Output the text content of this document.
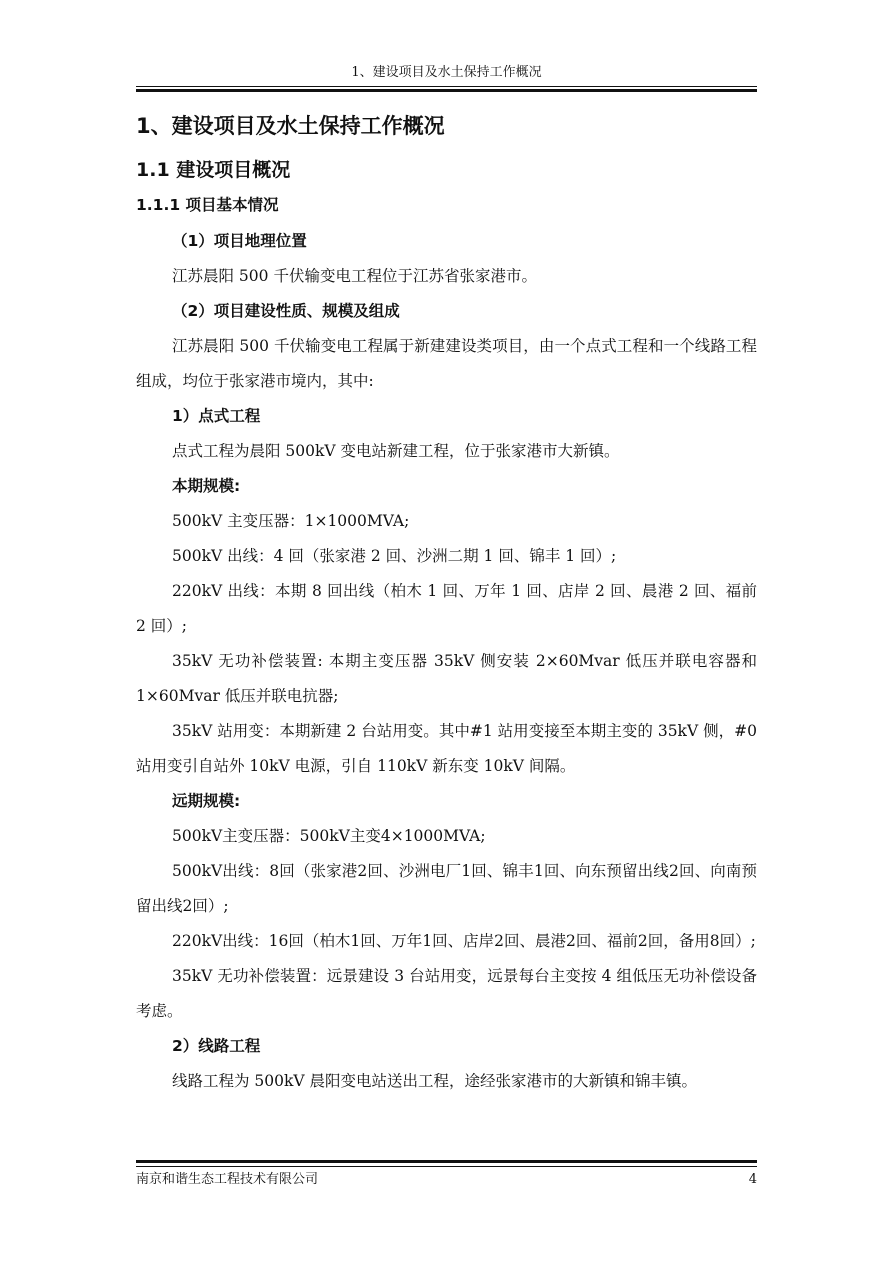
1、建设项目及水土保持工作概况
1、建设项目及水土保持工作概况
1.1 建设项目概况
1.1.1 项目基本情况

（1）项目地理位置

江苏晨阳 500 千伏输变电工程位于江苏省张家港市。

（2）项目建设性质、规模及组成

江苏晨阳 500 千伏输变电工程属于新建建设类项目，由一个点式工程和一个线路工程组成，均位于张家港市境内，其中:

1）点式工程

点式工程为晨阳 500kV 变电站新建工程，位于张家港市大新镇。

本期规模:

500kV 主变压器：1×1000MVA;

500kV 出线：4 回（张家港 2 回、沙洲二期 1 回、锦丰 1 回）;

220kV 出线：本期 8 回出线（柏木 1 回、万年 1 回、店岸 2 回、晨港 2 回、福前 2 回）;

35kV 无功补偿装置: 本期主变压器 35kV 侧安装 2×60Mvar 低压并联电容器和 1×60Mvar 低压并联电抗器;

35kV 站用变：本期新建 2 台站用变。其中#1 站用变接至本期主变的 35kV 侧，#0 站用变引自站外 10kV 电源，引自 110kV 新东变 10kV 间隔。

远期规模:

500kV主变压器：500kV主变4×1000MVA;

500kV出线：8回（张家港2回、沙洲电厂1回、锦丰1回、向东预留出线2回、向南预留出线2回）;

220kV出线：16回（柏木1回、万年1回、店岸2回、晨港2回、福前2回，备用8回）;

35kV 无功补偿装置：远景建设 3 台站用变，远景每台主变按 4 组低压无功补偿设备考虑。

2）线路工程

线路工程为 500kV 晨阳变电站送出工程，途经张家港市的大新镇和锦丰镇。

南京和谐生态工程技术有限公司	4
